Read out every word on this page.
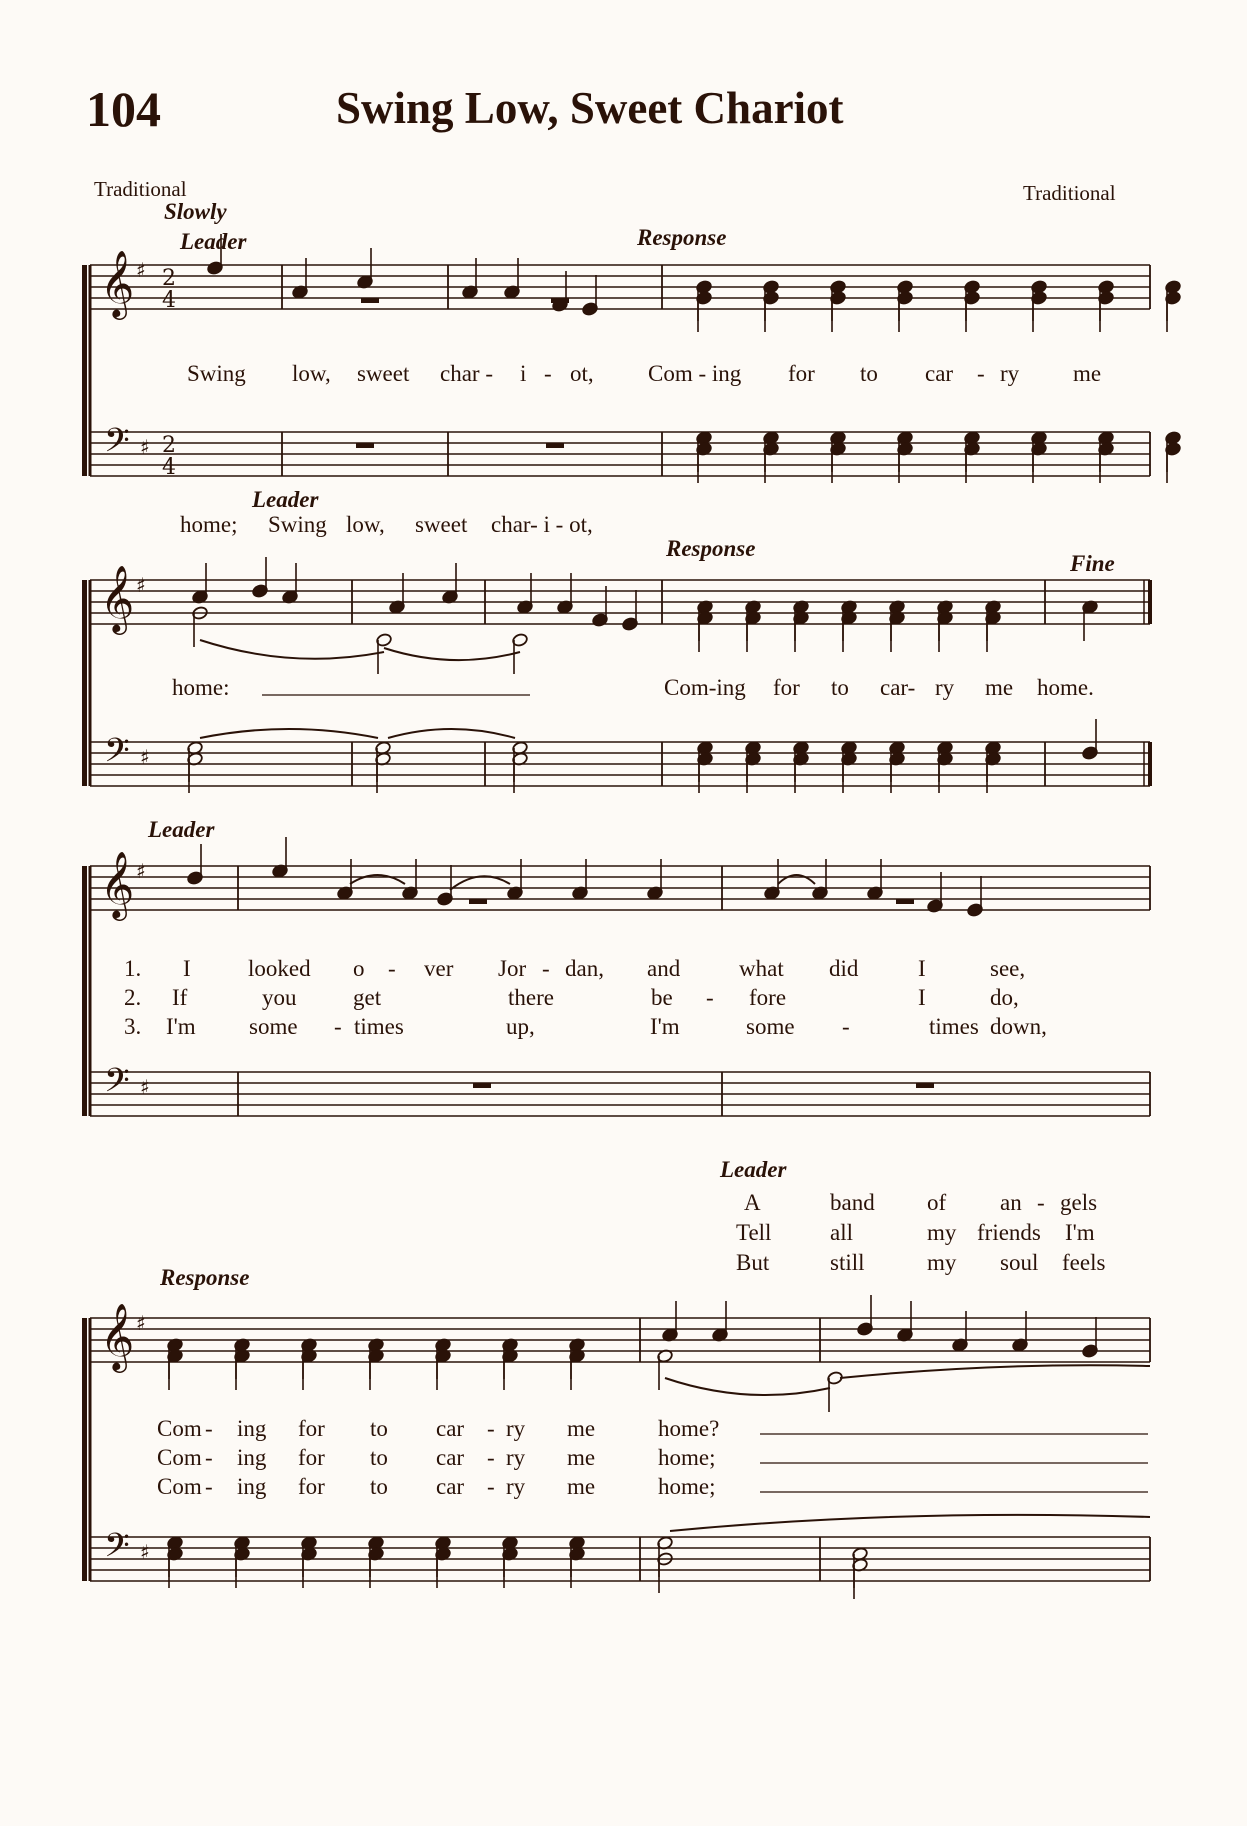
104	Swing Low, Sweet Chariot
Traditional	Traditional
Slowly
Leader	Response
Leader
Response
Fine
Leader
Leader
Response
Swing low, sweet char - i - ot, Com - ing for to car - ry me
home; Swing low, sweet char- i - ot,
home:	Com-ing for to car- ry me home.
1. I looked o - ver Jor - dan, and	what did	I	see,
2. If	you get	there	be - fore	I	do,
3. I'm some - times	up,	I'm	some -	times down,
A	band of an - gels
Tell	all	my friends I'm
But	still	my soul feels
Com - ing for to car - ry me	home?
Com - ing for to car - ry me	home;
Com - ing for to car - ry me	home;
𝄞 ♯
𝄢 ♯
2
4
2
4
𝄞 ♯
𝄢 ♯
𝄞 ♯
𝄢 ♯
𝄞 ♯
𝄢 ♯
